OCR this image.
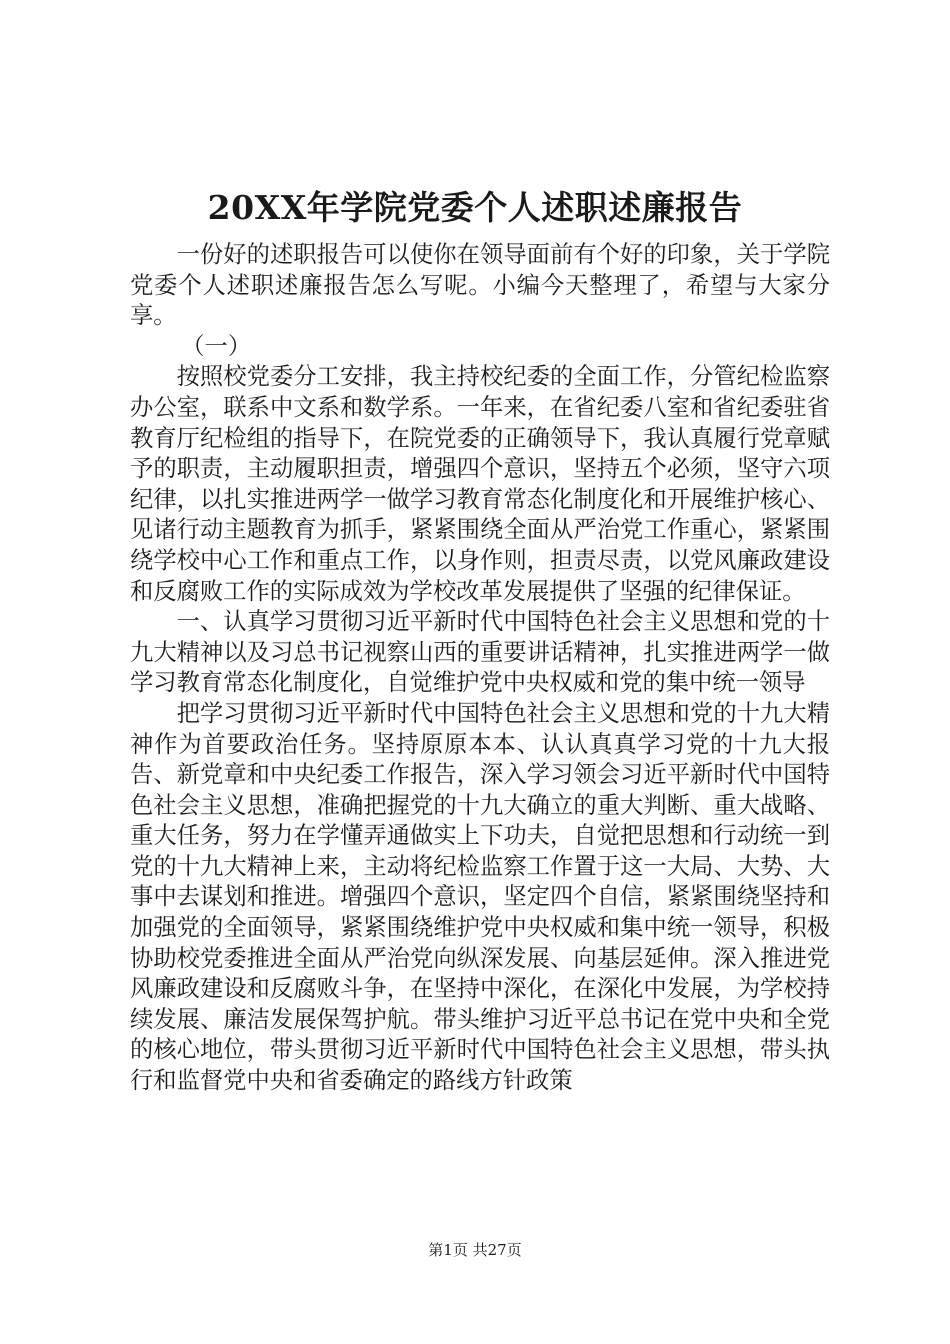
20XX年学院党委个人述职述廉报告

一份好的述职报告可以使你在领导面前有个好的印象，关于学院党委个人述职述廉报告怎么写呢。小编今天整理了，希望与大家分享。

（一）

按照校党委分工安排，我主持校纪委的全面工作，分管纪检监察办公室，联系中文系和数学系。一年来，在省纪委八室和省纪委驻省教育厅纪检组的指导下，在院党委的正确领导下，我认真履行党章赋予的职责，主动履职担责，增强四个意识，坚持五个必须，坚守六项纪律，以扎实推进两学一做学习教育常态化制度化和开展维护核心、见诸行动主题教育为抓手，紧紧围绕全面从严治党工作重心，紧紧围绕学校中心工作和重点工作，以身作则，担责尽责，以党风廉政建设和反腐败工作的实际成效为学校改革发展提供了坚强的纪律保证。

一、认真学习贯彻习近平新时代中国特色社会主义思想和党的十九大精神以及习总书记视察山西的重要讲话精神，扎实推进两学一做学习教育常态化制度化，自觉维护党中央权威和党的集中统一领导

把学习贯彻习近平新时代中国特色社会主义思想和党的十九大精神作为首要政治任务。坚持原原本本、认认真真学习党的十九大报告、新党章和中央纪委工作报告，深入学习领会习近平新时代中国特色社会主义思想，准确把握党的十九大确立的重大判断、重大战略、重大任务，努力在学懂弄通做实上下功夫，自觉把思想和行动统一到党的十九大精神上来，主动将纪检监察工作置于这一大局、大势、大事中去谋划和推进。增强四个意识，坚定四个自信，紧紧围绕坚持和加强党的全面领导，紧紧围绕维护党中央权威和集中统一领导，积极协助校党委推进全面从严治党向纵深发展、向基层延伸。深入推进党风廉政建设和反腐败斗争，在坚持中深化，在深化中发展，为学校持续发展、廉洁发展保驾护航。带头维护习近平总书记在党中央和全党的核心地位，带头贯彻习近平新时代中国特色社会主义思想，带头执行和监督党中央和省委确定的路线方针政策

第1页 共27页
